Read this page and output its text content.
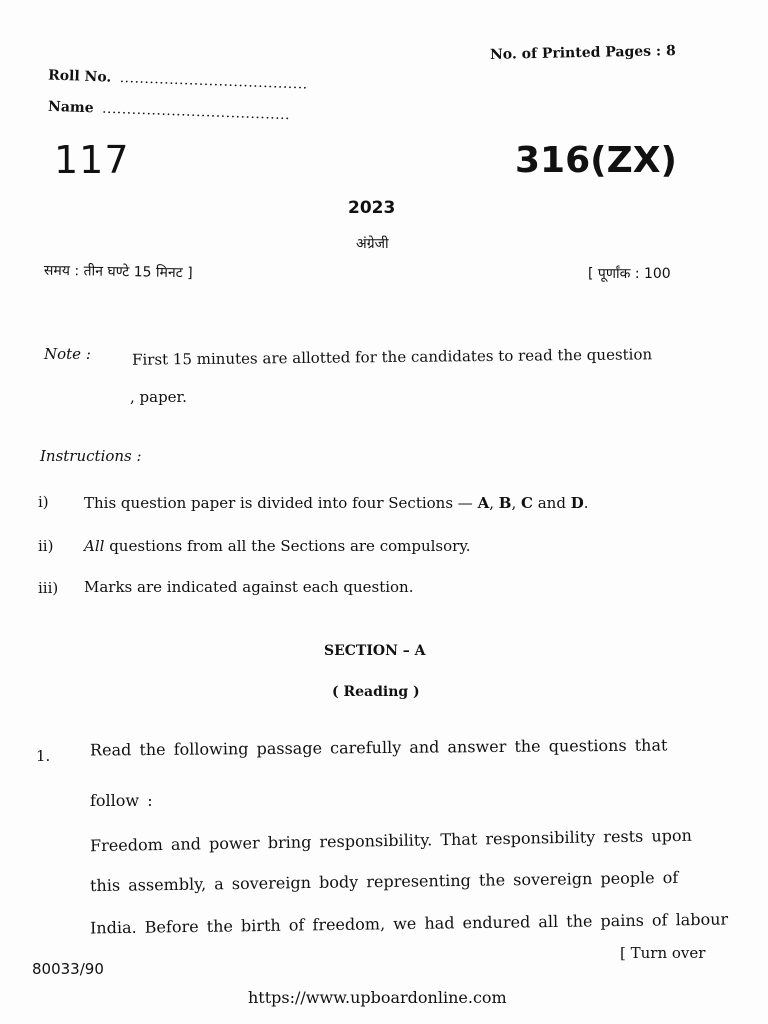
No. of Printed Pages : 8
Roll No. ......................................
Name ......................................
117	316(ZX)
2023
अंग्रेजी
समय : तीन घण्टे 15 मिनट ]	[ पूर्णांक : 100
Note :	First 15 minutes are allotted for the candidates to read the question
, paper.
Instructions :
i) This question paper is divided into four Sections — A, B, C and D.
ii) All questions from all the Sections are compulsory.
iii) Marks are indicated against each question.
SECTION – A
( Reading )
1. Read the following passage carefully and answer the questions that
follow :
Freedom and power bring responsibility. That responsibility rests upon
this assembly, a sovereign body representing the sovereign people of
India. Before the birth of freedom, we had endured all the pains of labour
[ Turn over
80033/90
https://www.upboardonline.com
